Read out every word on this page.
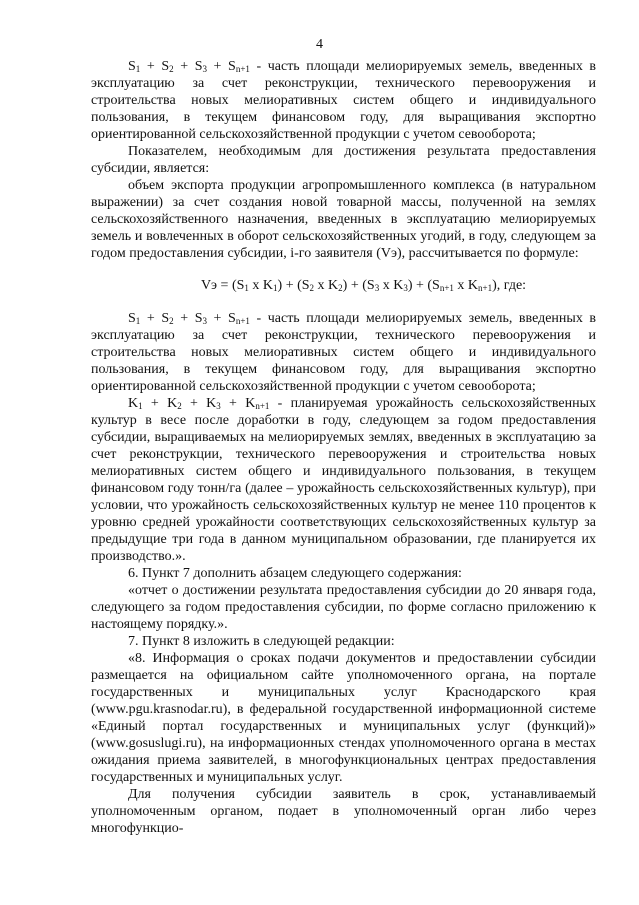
4

$S_1 + S_2 + S_3 + S_{n+1}$ - часть площади мелиорируемых земель, введенных в эксплуатацию за счет реконструкции, технического перевооружения и строительства новых мелиоративных систем общего и индивидуального пользования, в текущем финансовом году, для выращивания экспортно ориентированной сельскохозяйственной продукции с учетом севооборота;

Показателем, необходимым для достижения результата предоставления субсидии, является:

объем экспорта продукции агропромышленного комплекса (в натуральном выражении) за счет создания новой товарной массы, полученной на землях сельскохозяйственного назначения, введенных в эксплуатацию мелиорируемых земель и вовлеченных в оборот сельскохозяйственных угодий, в году, следующем за годом предоставления субсидии, i-го заявителя (Vэ), рассчитывается по формуле:

Vэ = ($S_1$ x $K_1) + (S_2$ x $K_2) + (S_3$ x $K_3) + (S_{n+1}$ x $K_{n+1}$), где:

$S_1 + S_2 + S_3 + S_{n+1}$ - часть площади мелиорируемых земель, введенных в эксплуатацию за счет реконструкции, технического перевооружения и строительства новых мелиоративных систем общего и индивидуального пользования, в текущем финансовом году, для выращивания экспортно ориентированной сельскохозяйственной продукции с учетом севооборота;

$K_1 + K_2 + K_3 + K_{n+1}$ - планируемая урожайность сельскохозяйственных культур в весе после доработки в году, следующем за годом предоставления субсидии, выращиваемых на мелиорируемых землях, введенных в эксплуатацию за счет реконструкции, технического перевооружения и строительства новых мелиоративных систем общего и индивидуального пользования, в текущем финансовом году тонн/га (далее – урожайность сельскохозяйственных культур), при условии, что урожайность сельскохозяйственных культур не менее 110 процентов к уровню средней урожайности соответствующих сельскохозяйственных культур за предыдущие три года в данном муниципальном образовании, где планируется их производство.».

6. Пункт 7 дополнить абзацем следующего содержания:

«отчет о достижении результата предоставления субсидии до 20 января года, следующего за годом предоставления субсидии, по форме согласно приложению к настоящему порядку.».

7. Пункт 8 изложить в следующей редакции:

«8. Информация о сроках подачи документов и предоставлении субсидии размещается на официальном сайте уполномоченного органа, на портале государственных и муниципальных услуг Краснодарского края (www.pgu.krasnodar.ru), в федеральной государственной информационной системе «Единый портал государственных и муниципальных услуг (функций)» (www.gosuslugi.ru), на информационных стендах уполномоченного органа в местах ожидания приема заявителей, в многофункциональных центрах предоставления государственных и муниципальных услуг.

Для получения субсидии заявитель в срок, устанавливаемый уполномоченным органом, подает в уполномоченный орган либо через многофункцио-
